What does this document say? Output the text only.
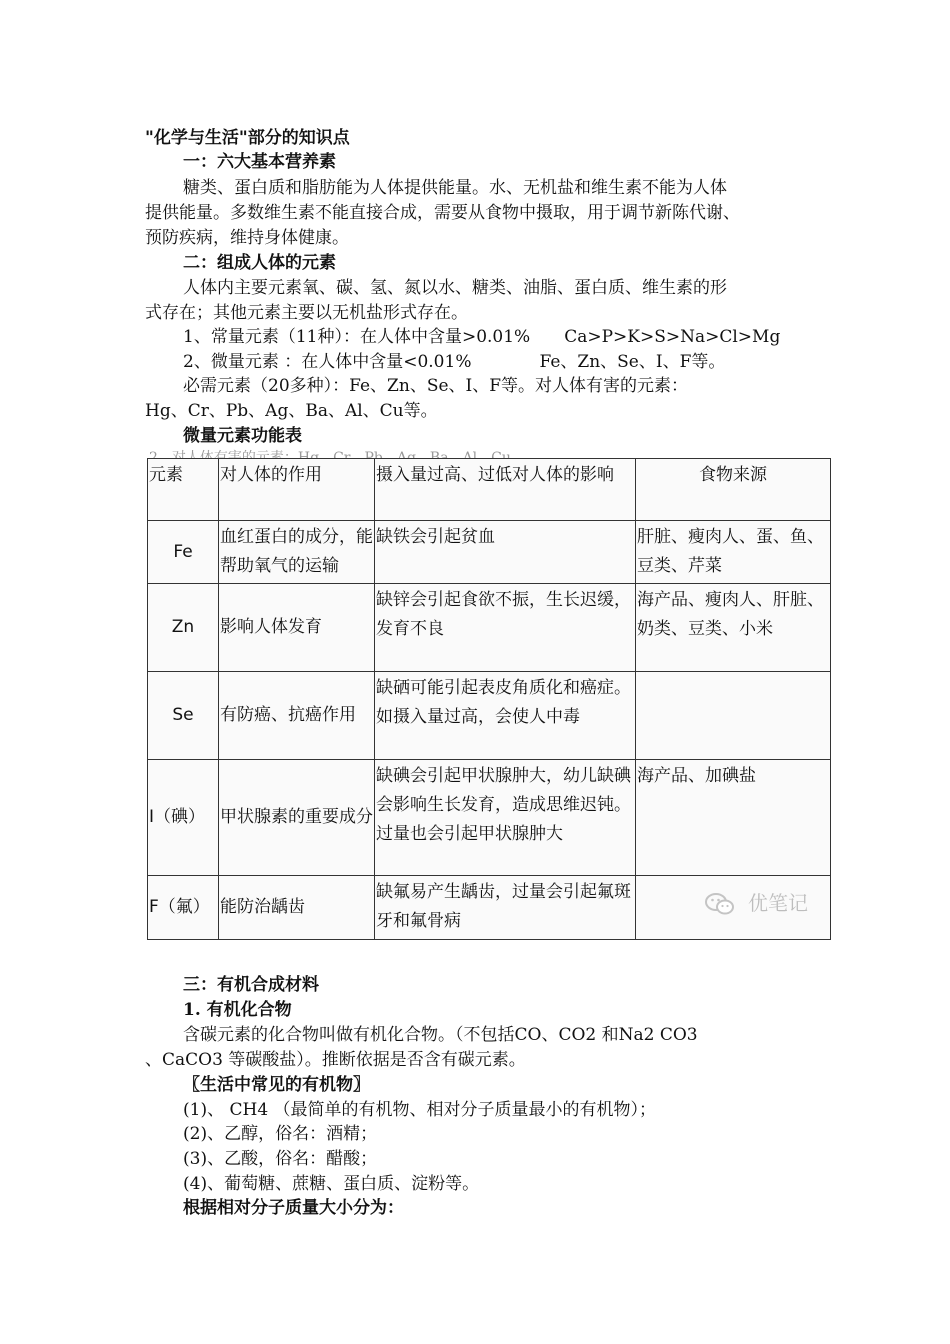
"化学与生活"部分的知识点
一：六大基本营养素
糖类、蛋白质和脂肪能为人体提供能量。水、无机盐和维生素不能为人体
提供能量。多数维生素不能直接合成，需要从食物中摄取，用于调节新陈代谢、
预防疾病，维持身体健康。
二：组成人体的元素
人体内主要元素氧、碳、氢、氮以水、糖类、油脂、蛋白质、维生素的形
式存在；其他元素主要以无机盐形式存在。
1、常量元素（11种）：在人体中含量>0.01%　　Ca>P>K>S>Na>Cl>Mg
2、微量元素 ：在人体中含量<0.01%　　　　Fe、Zn、Se、I、F等。
必需元素（20多种）：Fe、Zn、Se、I、F等。对人体有害的元素：
Hg、Cr、Pb、Ag、Ba、Al、Cu等。
微量元素功能表
元素	对人体的作用	摄入量过高、过低对人体的影响	食物来源
Fe	血红蛋白的成分，能帮助氧气的运输	缺铁会引起贫血	肝脏、瘦肉人、蛋、鱼、豆类、芹菜
Zn	影响人体发育	缺锌会引起食欲不振，生长迟缓，发育不良	海产品、瘦肉人、肝脏、奶类、豆类、小米
Se	有防癌、抗癌作用	缺硒可能引起表皮角质化和癌症。如摄入量过高，会使人中毒	
I（碘）	甲状腺素的重要成分	缺碘会引起甲状腺肿大，幼儿缺碘会影响生长发育，造成思维迟钝。过量也会引起甲状腺肿大	海产品、加碘盐
F（氟）	能防治龋齿	缺氟易产生龋齿，过量会引起氟斑牙和氟骨病	
优笔记
三：有机合成材料
1. 有机化合物
含碳元素的化合物叫做有机化合物。（不包括CO、CO2 和Na2 CO3
、CaCO3 等碳酸盐）。推断依据是否含有碳元素。
〖生活中常见的有机物〗
(1)、 CH4 （最简单的有机物、相对分子质量最小的有机物）；
(2)、乙醇，俗名：酒精；
(3)、乙酸，俗名：醋酸；
(4)、葡萄糖、蔗糖、蛋白质、淀粉等。
根据相对分子质量大小分为：
